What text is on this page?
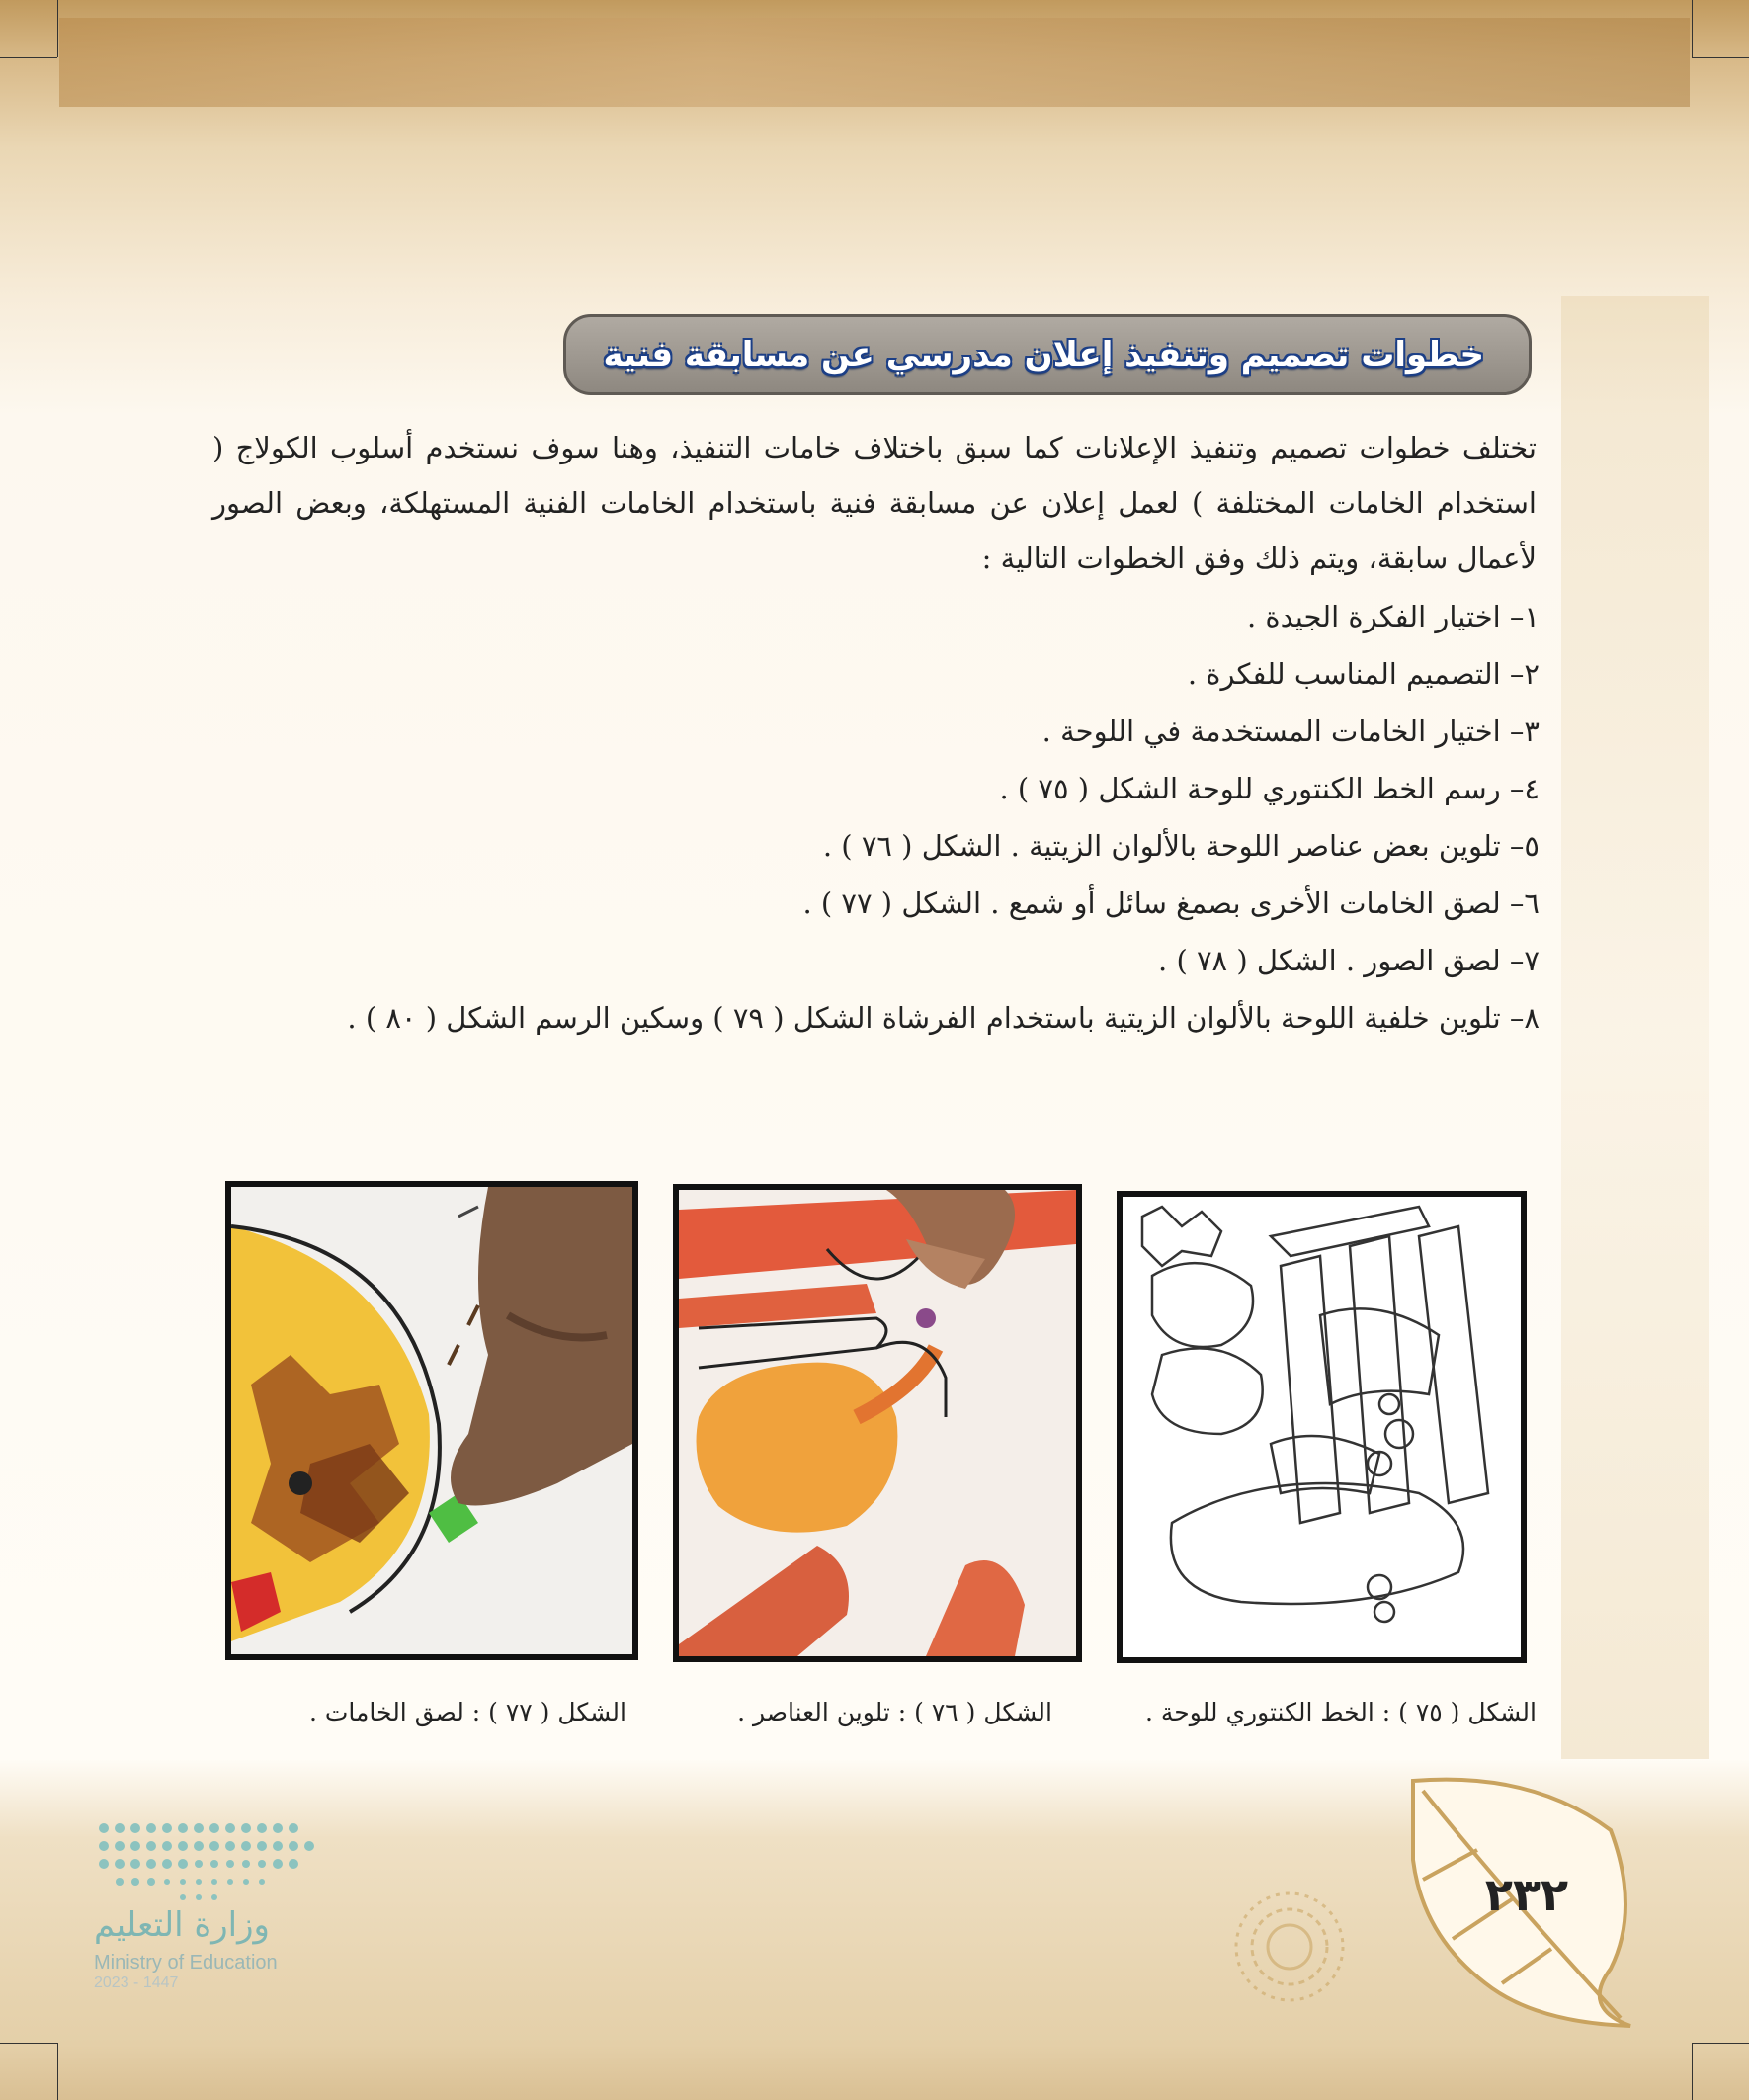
خطوات تصميم وتنفيذ إعلان مدرسي عن مسابقة فنية

تختلف خطوات تصميم وتنفيذ الإعلانات كما سبق باختلاف خامات التنفيذ، وهنا سوف نستخدم أسلوب الكولاج ( استخدام الخامات المختلفة ) لعمل إعلان عن مسابقة فنية باستخدام الخامات الفنية المستهلكة، وبعض الصور لأعمال سابقة، ويتم ذلك وفق الخطوات التالية :

١– اختيار الفكرة الجيدة .
٢– التصميم المناسب للفكرة .
٣– اختيار الخامات المستخدمة في اللوحة .
٤– رسم الخط الكنتوري للوحة الشكل ( ٧٥ ) .
٥– تلوين بعض عناصر اللوحة بالألوان الزيتية . الشكل ( ٧٦ ) .
٦– لصق الخامات الأخرى بصمغ سائل أو شمع . الشكل ( ٧٧ ) .
٧– لصق الصور . الشكل ( ٧٨ ) .
٨– تلوين خلفية اللوحة بالألوان الزيتية باستخدام الفرشاة الشكل ( ٧٩ ) وسكين الرسم الشكل ( ٨٠ ) .
الشكل ( ٧٥ ) : الخط الكنتوري للوحة .
الشكل ( ٧٦ ) : تلوين العناصر .
الشكل ( ٧٧ ) : لصق الخامات .
٢٣٢
وزارة التعليم
Ministry of Education
2023 - 1447
